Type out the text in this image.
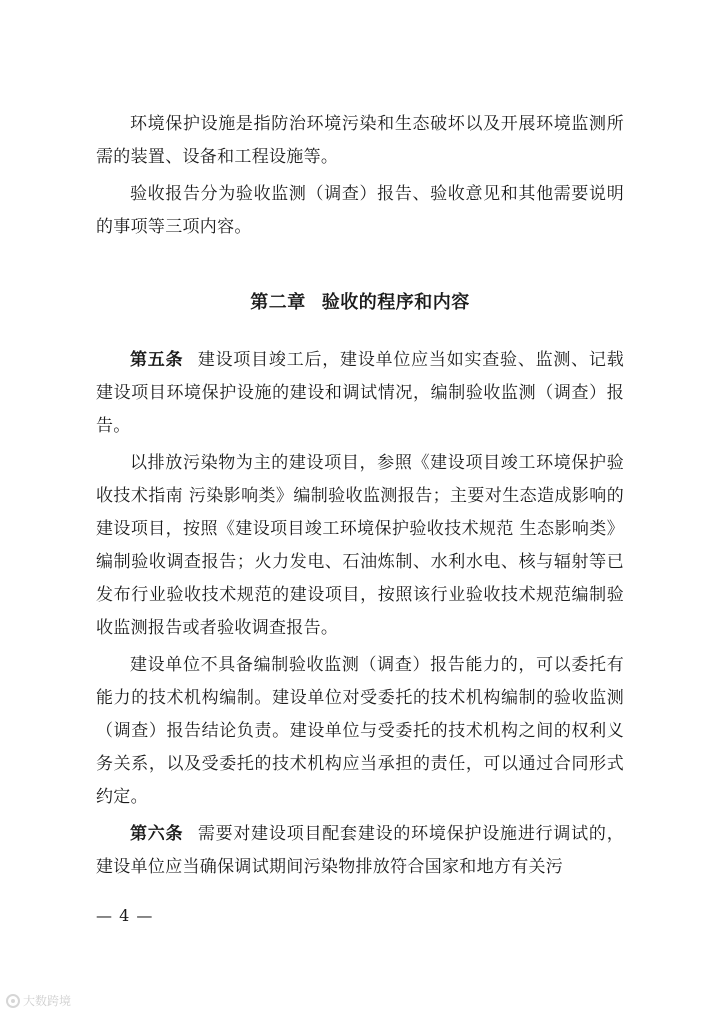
环境保护设施是指防治环境污染和生态破坏以及开展环境监测所需的装置、设备和工程设施等。

验收报告分为验收监测（调查）报告、验收意见和其他需要说明的事项等三项内容。

第二章 验收的程序和内容

第五条 建设项目竣工后，建设单位应当如实查验、监测、记载建设项目环境保护设施的建设和调试情况，编制验收监测（调查）报告。

以排放污染物为主的建设项目，参照《建设项目竣工环境保护验收技术指南 污染影响类》编制验收监测报告；主要对生态造成影响的建设项目，按照《建设项目竣工环境保护验收技术规范 生态影响类》编制验收调查报告；火力发电、石油炼制、水利水电、核与辐射等已发布行业验收技术规范的建设项目，按照该行业验收技术规范编制验收监测报告或者验收调查报告。

建设单位不具备编制验收监测（调查）报告能力的，可以委托有能力的技术机构编制。建设单位对受委托的技术机构编制的验收监测（调查）报告结论负责。建设单位与受委托的技术机构之间的权利义务关系，以及受委托的技术机构应当承担的责任，可以通过合同形式约定。

第六条 需要对建设项目配套建设的环境保护设施进行调试的，建设单位应当确保调试期间污染物排放符合国家和地方有关污

— 4 —
大数跨境
